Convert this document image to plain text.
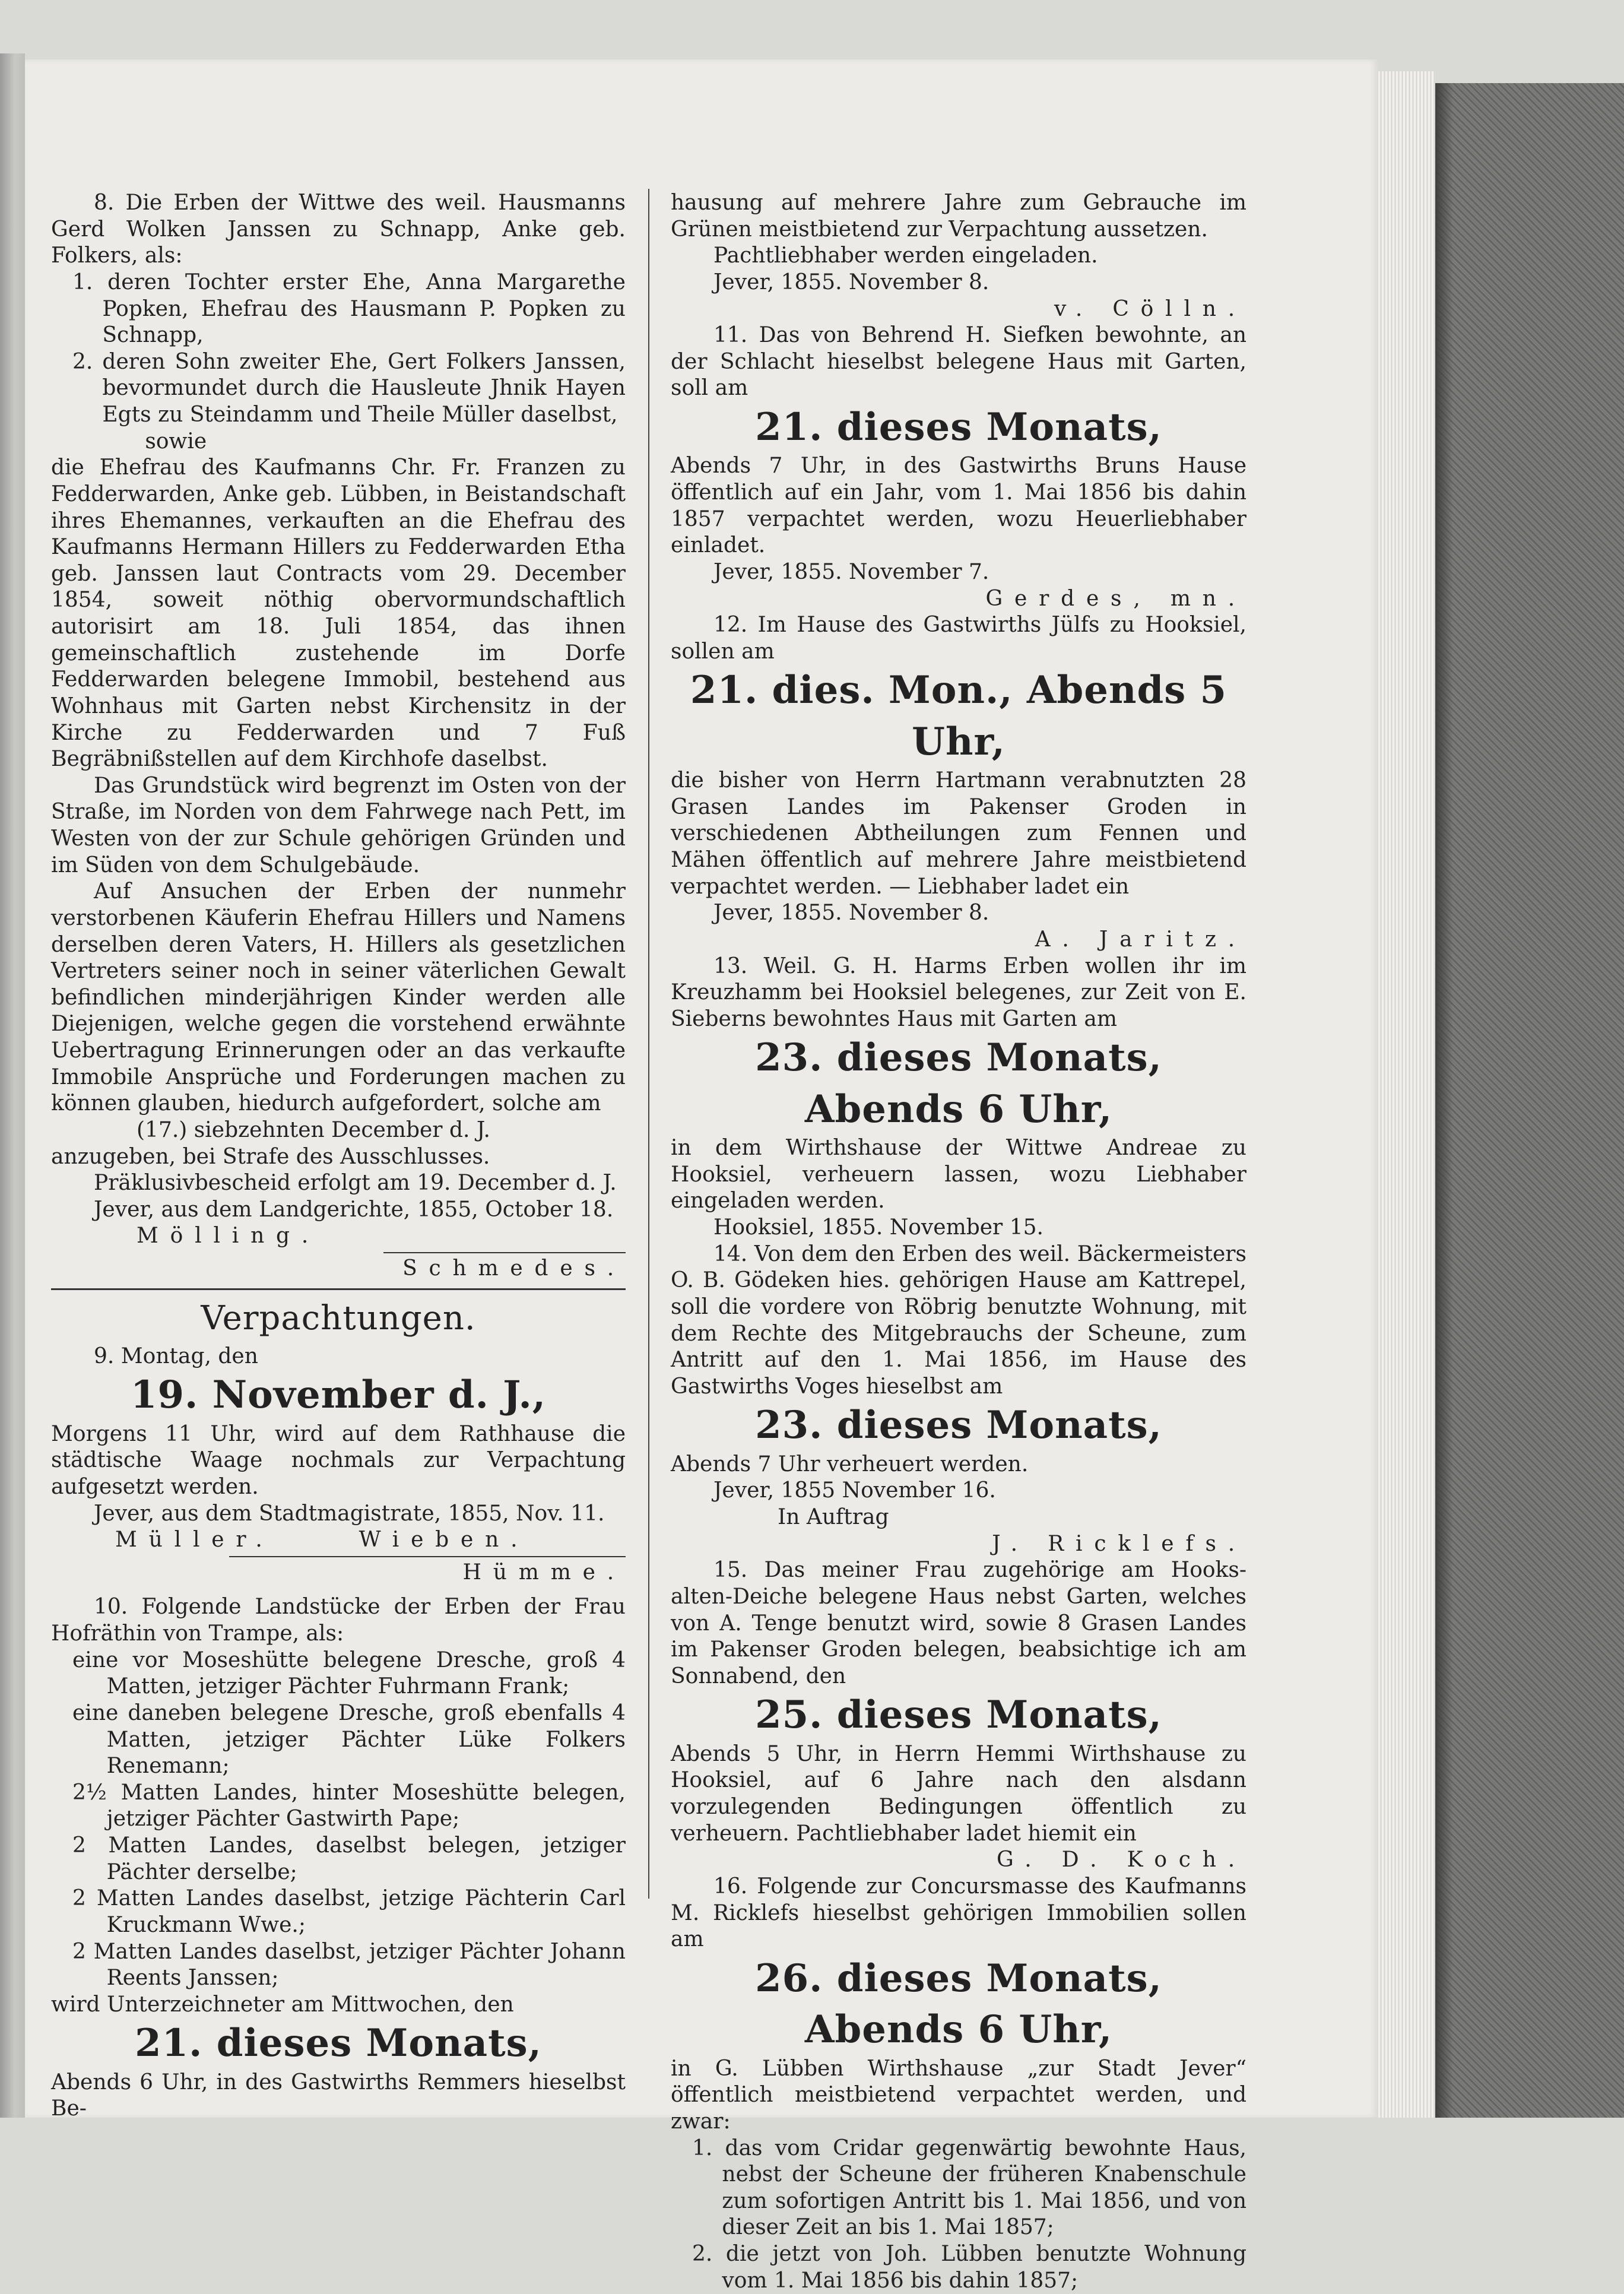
8. Die Erben der Wittwe des weil. Hausmanns Gerd Wolken Janssen zu Schnapp, Anke geb. Folkers, als:

1. deren Tochter erster Ehe, Anna Margarethe Popken, Ehefrau des Hausmann P. Popken zu Schnapp,

2. deren Sohn zweiter Ehe, Gert Folkers Janssen, bevormundet durch die Hausleute Jhnik Hayen Egts zu Steindamm und Theile Müller daselbst,

sowie

die Ehefrau des Kaufmanns Chr. Fr. Franzen zu Fedderwarden, Anke geb. Lübben, in Beistandschaft ihres Ehemannes, verkauften an die Ehefrau des Kaufmanns Hermann Hillers zu Fedderwarden Etha geb. Janssen laut Contracts vom 29. December 1854, soweit nöthig obervormundschaftlich autorisirt am 18. Juli 1854, das ihnen gemeinschaftlich zustehende im Dorfe Fedderwarden belegene Immobil, bestehend aus Wohnhaus mit Garten nebst Kirchensitz in der Kirche zu Fedderwarden und 7 Fuß Begräbnißstellen auf dem Kirchhofe daselbst.

Das Grundstück wird begrenzt im Osten von der Straße, im Norden von dem Fahrwege nach Pett, im Westen von der zur Schule gehörigen Gründen und im Süden von dem Schulgebäude.

Auf Ansuchen der Erben der nunmehr verstorbenen Käuferin Ehefrau Hillers und Namens derselben deren Vaters, H. Hillers als gesetzlichen Vertreters seiner noch in seiner väterlichen Gewalt befindlichen minderjährigen Kinder werden alle Diejenigen, welche gegen die vorstehend erwähnte Uebertragung Erinnerungen oder an das verkaufte Immobile Ansprüche und Forderungen machen zu können glauben, hiedurch aufgefordert, solche am

(17.) siebzehnten December d. J.

anzugeben, bei Strafe des Ausschlusses.

Präklusivbescheid erfolgt am 19. December d. J.

Jever, aus dem Landgerichte, 1855, October 18.

Mölling.

Schmedes.

Verpachtungen.

9. Montag, den

19. November d. J.,

Morgens 11 Uhr, wird auf dem Rathhause die städtische Waage nochmals zur Verpachtung aufgesetzt werden.

Jever, aus dem Stadtmagistrate, 1855, Nov. 11.

Müller.	Wieben.

Hümme.

10. Folgende Landstücke der Erben der Frau Hofräthin von Trampe, als:

eine vor Moseshütte belegene Dresche, groß 4 Matten, jetziger Pächter Fuhrmann Frank;

eine daneben belegene Dresche, groß ebenfalls 4 Matten, jetziger Pächter Lüke Folkers Renemann;

2½ Matten Landes, hinter Moseshütte belegen, jetziger Pächter Gastwirth Pape;

2 Matten Landes, daselbst belegen, jetziger Pächter derselbe;

2 Matten Landes daselbst, jetzige Pächterin Carl Kruckmann Wwe.;

2 Matten Landes daselbst, jetziger Pächter Johann Reents Janssen;

wird Unterzeichneter am Mittwochen, den

21. dieses Monats,

Abends 6 Uhr, in des Gastwirths Remmers hieselbst Be-

hausung auf mehrere Jahre zum Gebrauche im Grünen meistbietend zur Verpachtung aussetzen.

Pachtliebhaber werden eingeladen.

Jever, 1855. November 8.

v. Cölln.

11. Das von Behrend H. Siefken bewohnte, an der Schlacht hieselbst belegene Haus mit Garten, soll am

21. dieses Monats,

Abends 7 Uhr, in des Gastwirths Bruns Hause öffentlich auf ein Jahr, vom 1. Mai 1856 bis dahin 1857 verpachtet werden, wozu Heuerliebhaber einladet.

Jever, 1855. November 7.

Gerdes, mn.

12. Im Hause des Gastwirths Jülfs zu Hooksiel, sollen am

21. dies. Mon., Abends 5 Uhr,

die bisher von Herrn Hartmann verabnutzten 28 Grasen Landes im Pakenser Groden in verschiedenen Abtheilungen zum Fennen und Mähen öffentlich auf mehrere Jahre meistbietend verpachtet werden. — Liebhaber ladet ein

Jever, 1855. November 8.

A. Jaritz.

13. Weil. G. H. Harms Erben wollen ihr im Kreuzhamm bei Hooksiel belegenes, zur Zeit von E. Sieberns bewohntes Haus mit Garten am

23. dieses Monats, Abends 6 Uhr,

in dem Wirthshause der Wittwe Andreae zu Hooksiel, verheuern lassen, wozu Liebhaber eingeladen werden.

Hooksiel, 1855. November 15.

14. Von dem den Erben des weil. Bäckermeisters O. B. Gödeken hies. gehörigen Hause am Kattrepel, soll die vordere von Röbrig benutzte Wohnung, mit dem Rechte des Mitgebrauchs der Scheune, zum Antritt auf den 1. Mai 1856, im Hause des Gastwirths Voges hieselbst am

23. dieses Monats,

Abends 7 Uhr verheuert werden.

Jever, 1855 November 16.

In Auftrag

J. Ricklefs.

15. Das meiner Frau zugehörige am Hooks-alten-Deiche belegene Haus nebst Garten, welches von A. Tenge benutzt wird, sowie 8 Grasen Landes im Pakenser Groden belegen, beabsichtige ich am Sonnabend, den

25. dieses Monats,

Abends 5 Uhr, in Herrn Hemmi Wirthshause zu Hooksiel, auf 6 Jahre nach den alsdann vorzulegenden Bedingungen öffentlich zu verheuern. Pachtliebhaber ladet hiemit ein

G. D. Koch.

16. Folgende zur Concursmasse des Kaufmanns M. Ricklefs hieselbst gehörigen Immobilien sollen am

26. dieses Monats, Abends 6 Uhr,

in G. Lübben Wirthshause „zur Stadt Jever“ öffentlich meistbietend verpachtet werden, und zwar:

1. das vom Cridar gegenwärtig bewohnte Haus, nebst der Scheune der früheren Knabenschule zum sofortigen Antritt bis 1. Mai 1856, und von dieser Zeit an bis 1. Mai 1857;

2. die jetzt von Joh. Lübben benutzte Wohnung vom 1. Mai 1856 bis dahin 1857;
